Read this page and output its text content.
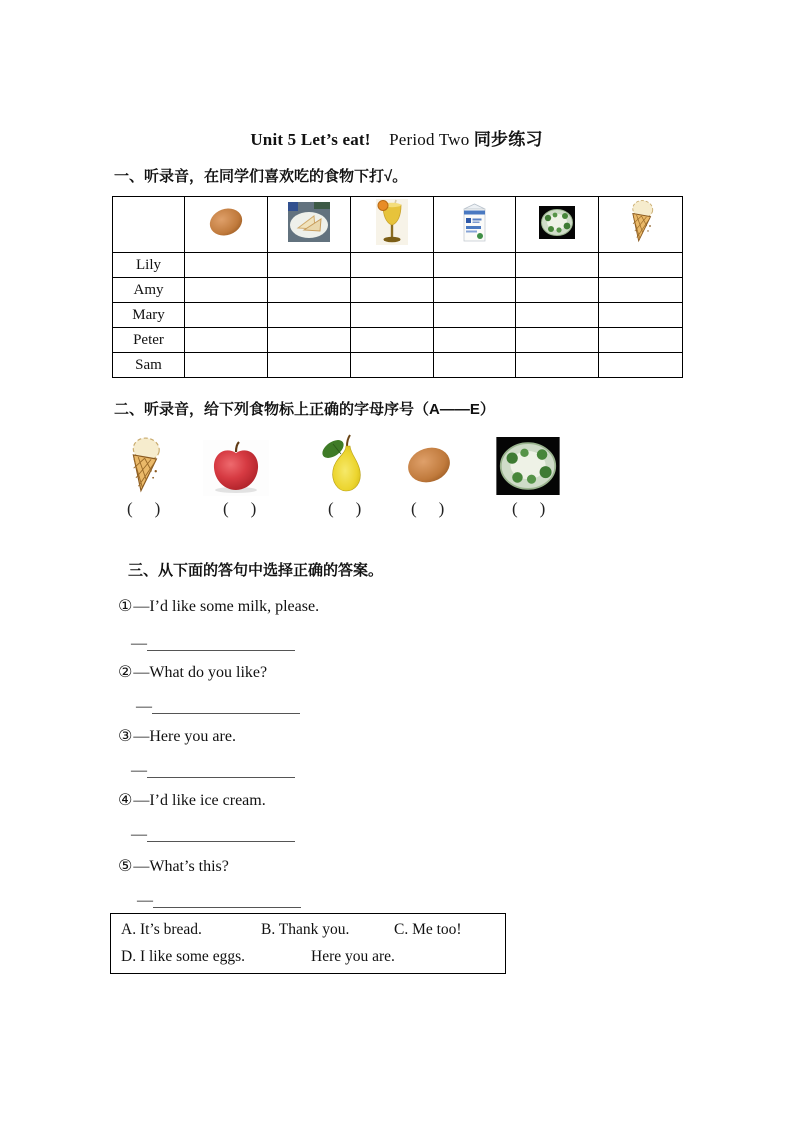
Unit 5 Let’s eat! Period Two 同步练习
一、听录音，在同学们喜欢吃的食物下打√。

Lily						
Amy						
Mary						
Peter						
Sam						
二、听录音，给下列食物标上正确的字母序号（A——E）
( )	( )	( )	( )	( )
三、从下面的答句中选择正确的答案。
①—I’d like some milk, please.
—
②—What do you like?
—
③—Here you are.
—
④—I’d like ice cream.
—
⑤—What’s this?
—
A. It’s bread.	B. Thank you.	C. Me too!
D. I like some eggs.	Here you are.
